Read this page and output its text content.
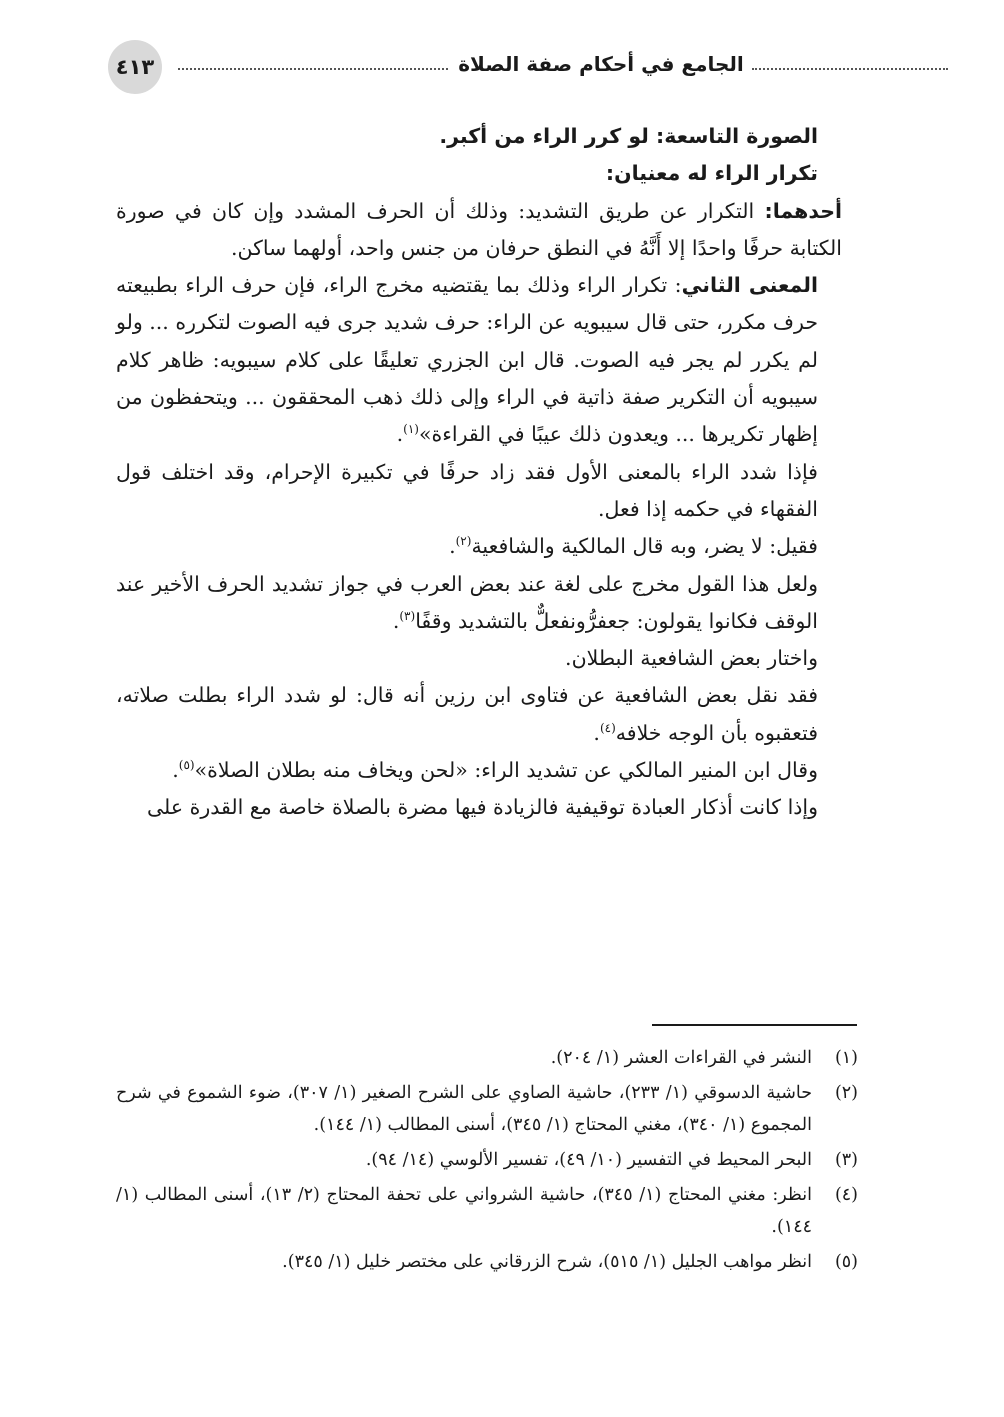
٤١٣	الجامع في أحكام صفة الصلاة

الصورة التاسعة: لو كرر الراء من أكبر.

تكرار الراء له معنيان:

أحدهما: التكرار عن طريق التشديد: وذلك أن الحرف المشدد وإن كان في صورة الكتابة حرفًا واحدًا إلا أَنَّهُ في النطق حرفان من جنس واحد، أولهما ساكن.

المعنى الثاني: تكرار الراء وذلك بما يقتضيه مخرج الراء، فإن حرف الراء بطبيعته حرف مكرر، حتى قال سيبويه عن الراء: حرف شديد جرى فيه الصوت لتكرره ... ولو لم يكرر لم يجر فيه الصوت. قال ابن الجزري تعليقًا على كلام سيبويه: ظاهر كلام سيبويه أن التكرير صفة ذاتية في الراء وإلى ذلك ذهب المحققون ... ويتحفظون من إظهار تكريرها ... ويعدون ذلك عيبًا في القراءة»$^{(١)}$.

فإذا شدد الراء بالمعنى الأول فقد زاد حرفًا في تكبيرة الإحرام، وقد اختلف قول الفقهاء في حكمه إذا فعل.

فقيل: لا يضر، وبه قال المالكية والشافعية$^{(٢)}$.

ولعل هذا القول مخرج على لغة عند بعض العرب في جواز تشديد الحرف الأخير عند الوقف فكانوا يقولون: جعفرُّونفعلٌّ بالتشديد وقفًا$^{(٣)}$.

واختار بعض الشافعية البطلان.

فقد نقل بعض الشافعية عن فتاوى ابن رزين أنه قال: لو شدد الراء بطلت صلاته، فتعقبوه بأن الوجه خلافه$^{(٤)}$.

وقال ابن المنير المالكي عن تشديد الراء: «لحن ويخاف منه بطلان الصلاة»$^{(٥)}$.

وإذا كانت أذكار العبادة توقيفية فالزيادة فيها مضرة بالصلاة خاصة مع القدرة على

(١)
النشر في القراءات العشر (١/ ٢٠٤).
(٢)
حاشية الدسوقي (١/ ٢٣٣)، حاشية الصاوي على الشرح الصغير (١/ ٣٠٧)، ضوء الشموع في شرح المجموع (١/ ٣٤٠)، مغني المحتاج (١/ ٣٤٥)، أسنى المطالب (١/ ١٤٤).
(٣)
البحر المحيط في التفسير (١٠/ ٤٩)، تفسير الألوسي (١٤/ ٩٤).
(٤)
انظر: مغني المحتاج (١/ ٣٤٥)، حاشية الشرواني على تحفة المحتاج (٢/ ١٣)، أسنى المطالب (١/ ١٤٤).
(٥)
انظر مواهب الجليل (١/ ٥١٥)، شرح الزرقاني على مختصر خليل (١/ ٣٤٥).
